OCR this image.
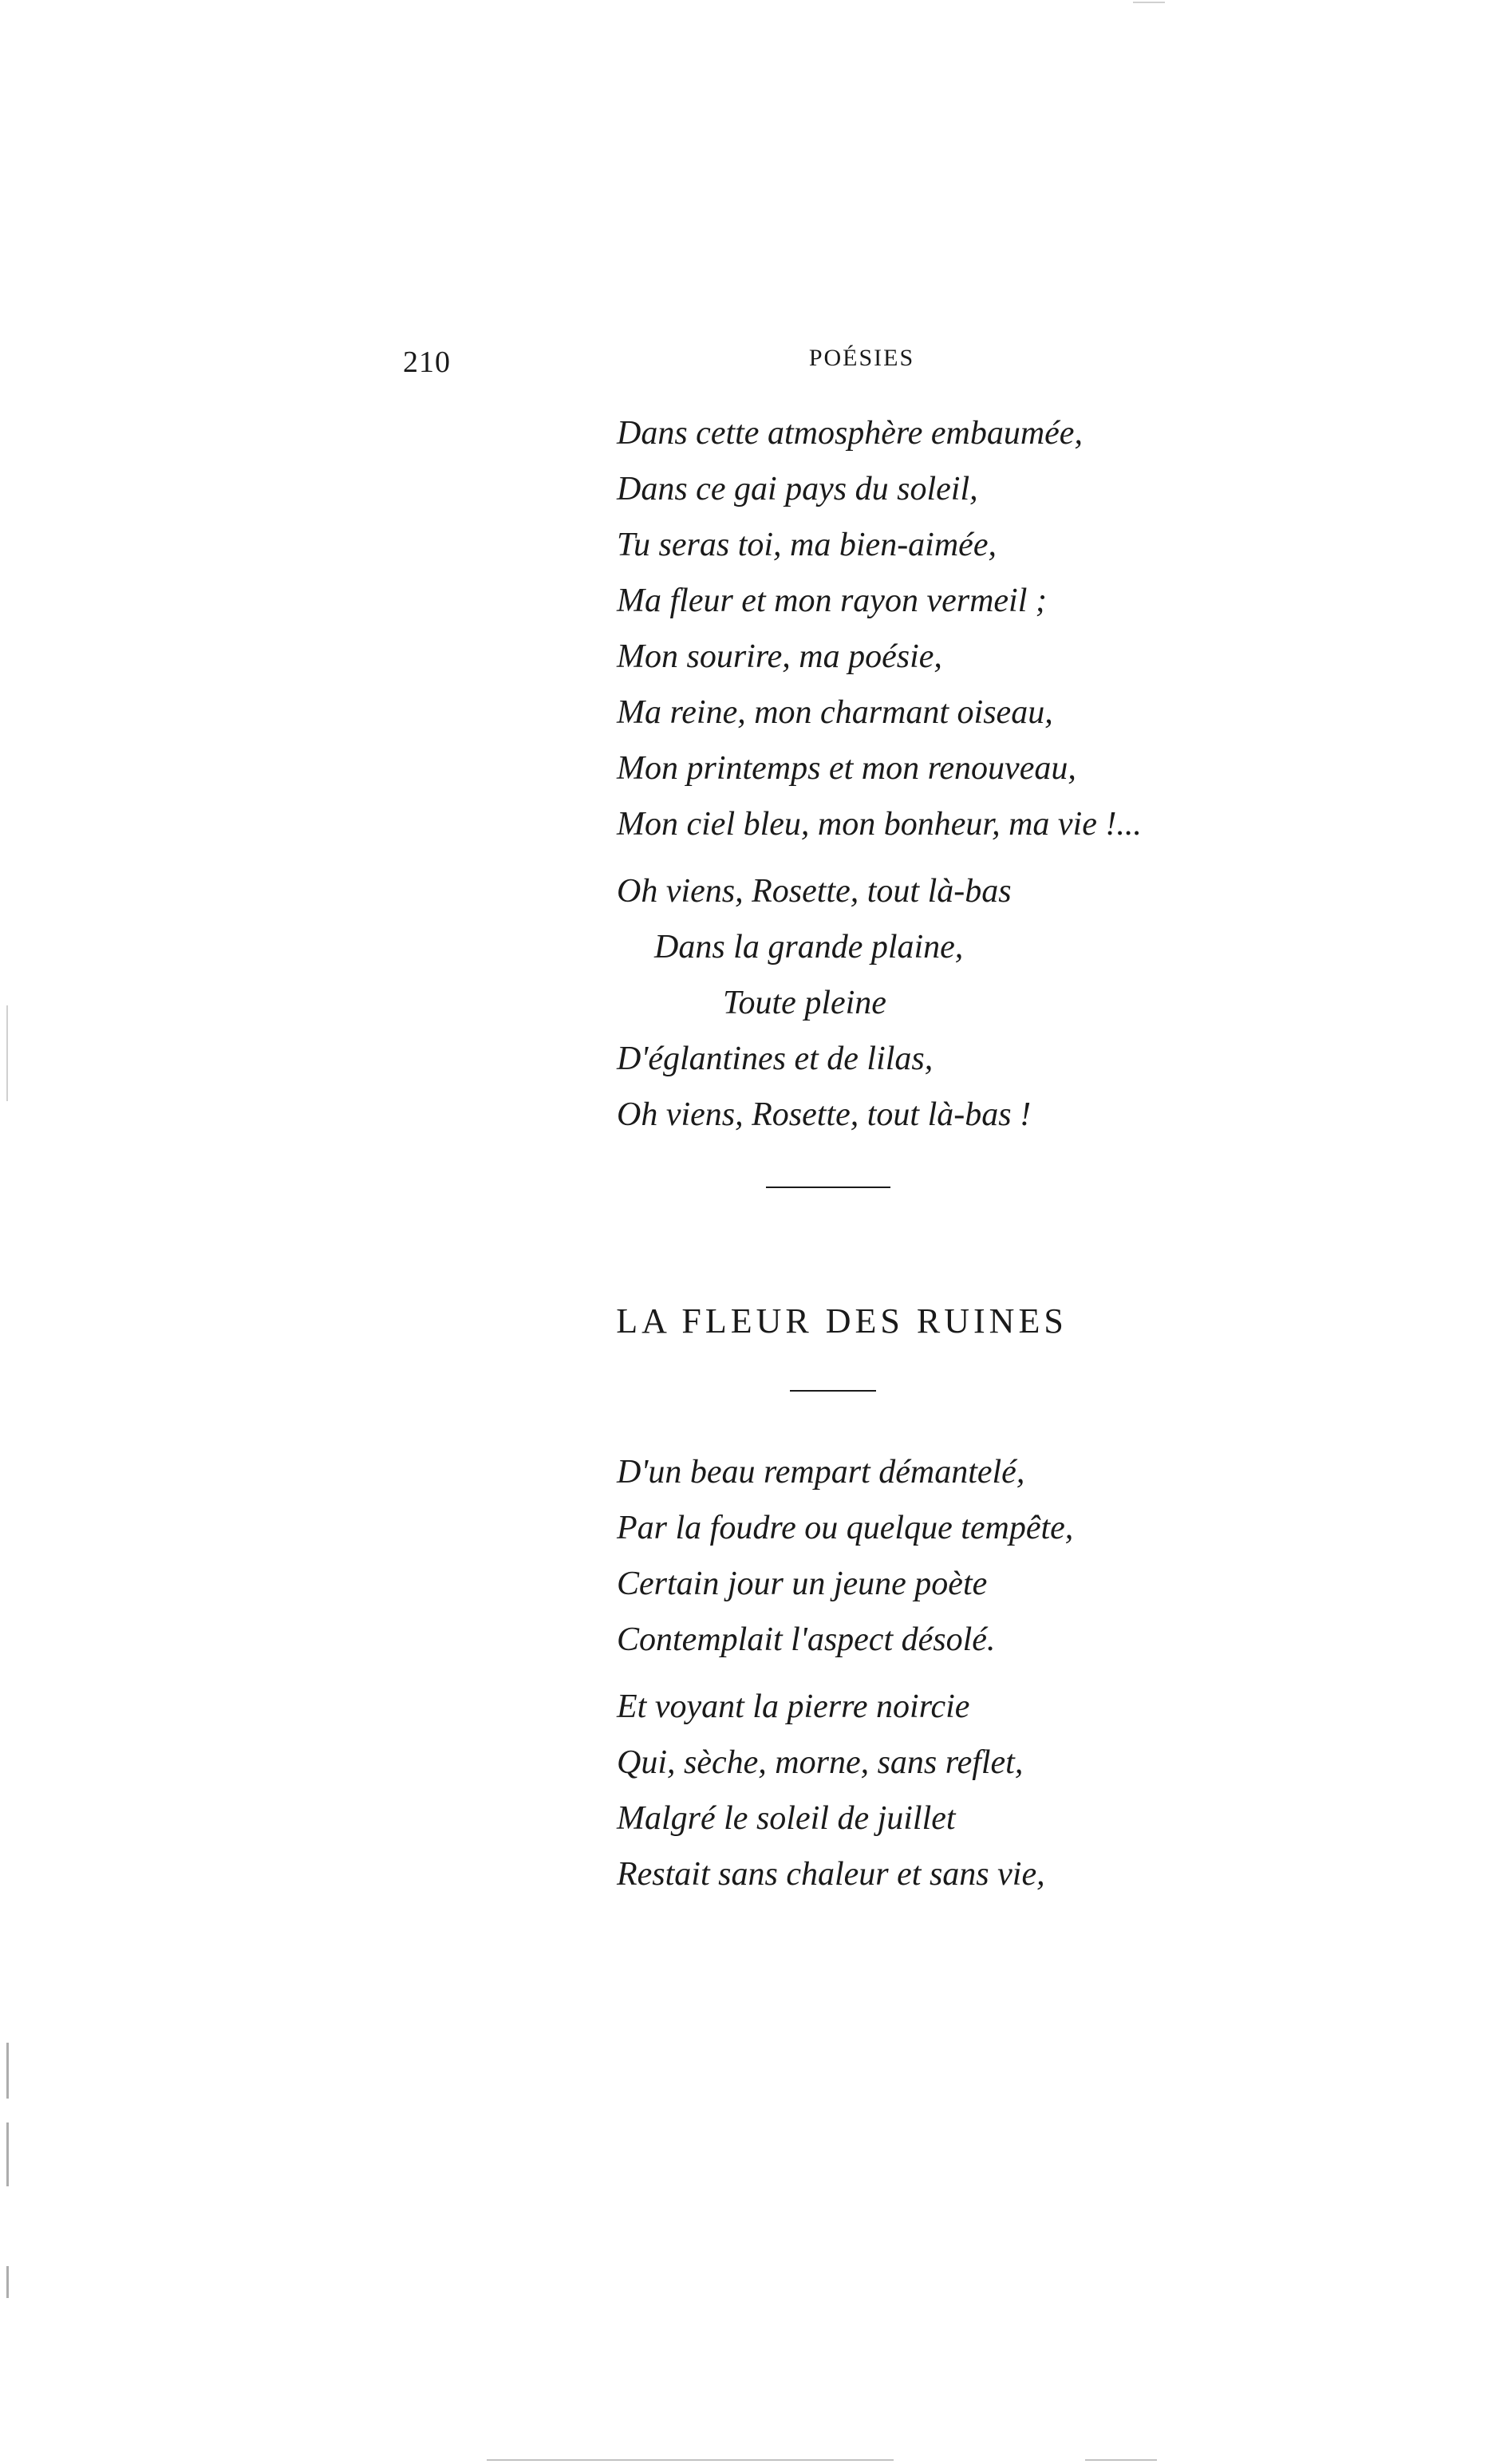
210	POÉSIES
Dans cette atmosphère embaumée,
Dans ce gai pays du soleil,
Tu seras toi, ma bien-aimée,
Ma fleur et mon rayon vermeil ;
Mon sourire, ma poésie,
Ma reine, mon charmant oiseau,
Mon printemps et mon renouveau,
Mon ciel bleu, mon bonheur, ma vie !...
Oh viens, Rosette, tout là-bas
Dans la grande plaine,
Toute pleine
D'églantines et de lilas,
Oh viens, Rosette, tout là-bas !
LA FLEUR DES RUINES
D'un beau rempart démantelé,
Par la foudre ou quelque tempête,
Certain jour un jeune poète
Contemplait l'aspect désolé.
Et voyant la pierre noircie
Qui, sèche, morne, sans reflet,
Malgré le soleil de juillet
Restait sans chaleur et sans vie,
